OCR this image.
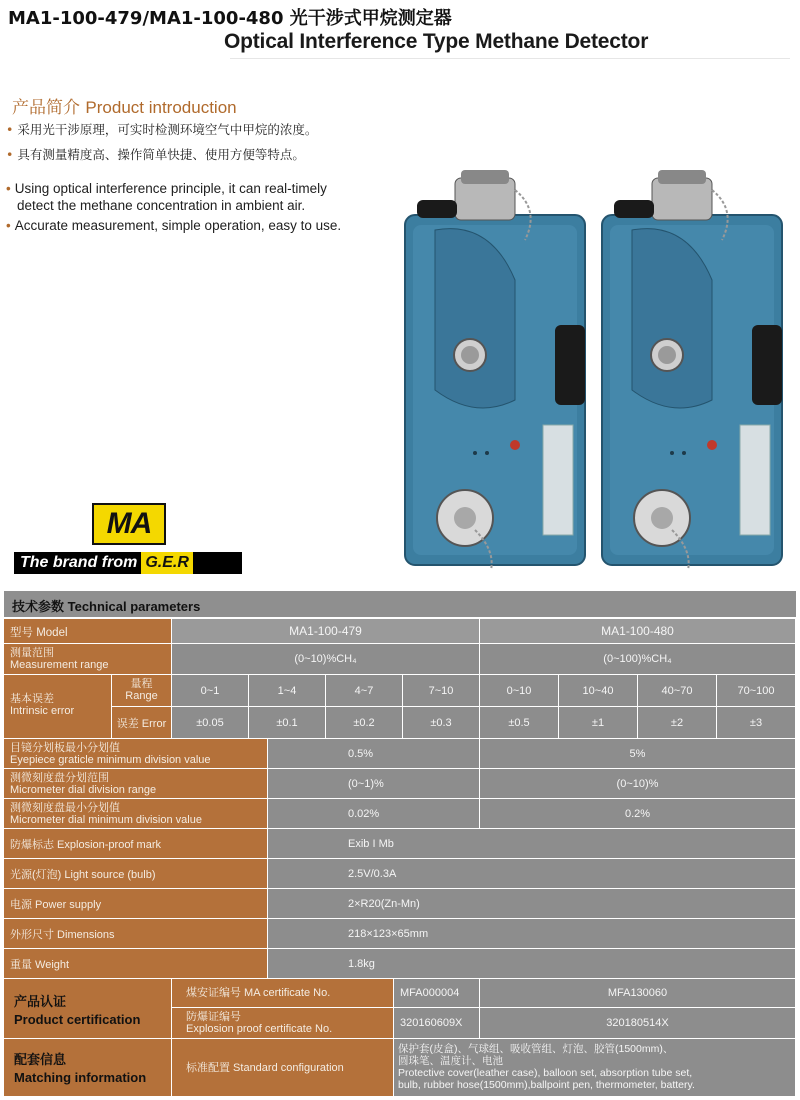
MA1-100-479/MA1-100-480 光干涉式甲烷测定器
Optical Interference Type Methane Detector
产品简介 Product introduction
• 采用光干涉原理，可实时检测环境空气中甲烷的浓度。
• 具有测量精度高、操作简单快捷、使用方便等特点。
• Using optical interference principle, it can real-timely
detect the methane concentration in ambient air.
• Accurate measurement, simple operation, easy to use.
MA
The brand from G.E.R
技术参数 Technical parameters
型号 Model	MA1-100-479	MA1-100-480
测量范围
Measurement range	(0~10)%CH₄	(0~100)%CH₄
基本误差
Intrinsic error
量程
Range
误差 Error
0~1	1~4	4~7	7~10	0~10	10~40	40~70	70~100
±0.05	±0.1	±0.2	±0.3	±0.5	±1	±2	±3
目镜分划板最小分划值
Eyepiece graticle minimum division value
0.5%	5%
测微刻度盘分划范围
Micrometer dial division range
(0~1)%	(0~10)%
测微刻度盘最小分划值
Micrometer dial minimum division value
0.02%	0.2%
防爆标志 Explosion-proof mark	Exib I Mb
光源(灯泡) Light source (bulb)	2.5V/0.3A
电源 Power supply	2×R20(Zn-Mn)
外形尺寸 Dimensions	218×123×65mm
重量 Weight	1.8kg
产品认证
Product certification
煤安证编号 MA certificate No.	MFA000004	MFA130060
防爆证编号
Explosion proof certificate No.	320160609X	320180514X
配套信息
Matching information
标准配置 Standard configuration
保护套(皮盒)、气球组、吸收管组、灯泡、胶管(1500mm)、
圆珠笔、温度计、电池
Protective cover(leather case), balloon set, absorption tube set,
bulb, rubber hose(1500mm),ballpoint pen, thermometer, battery.
